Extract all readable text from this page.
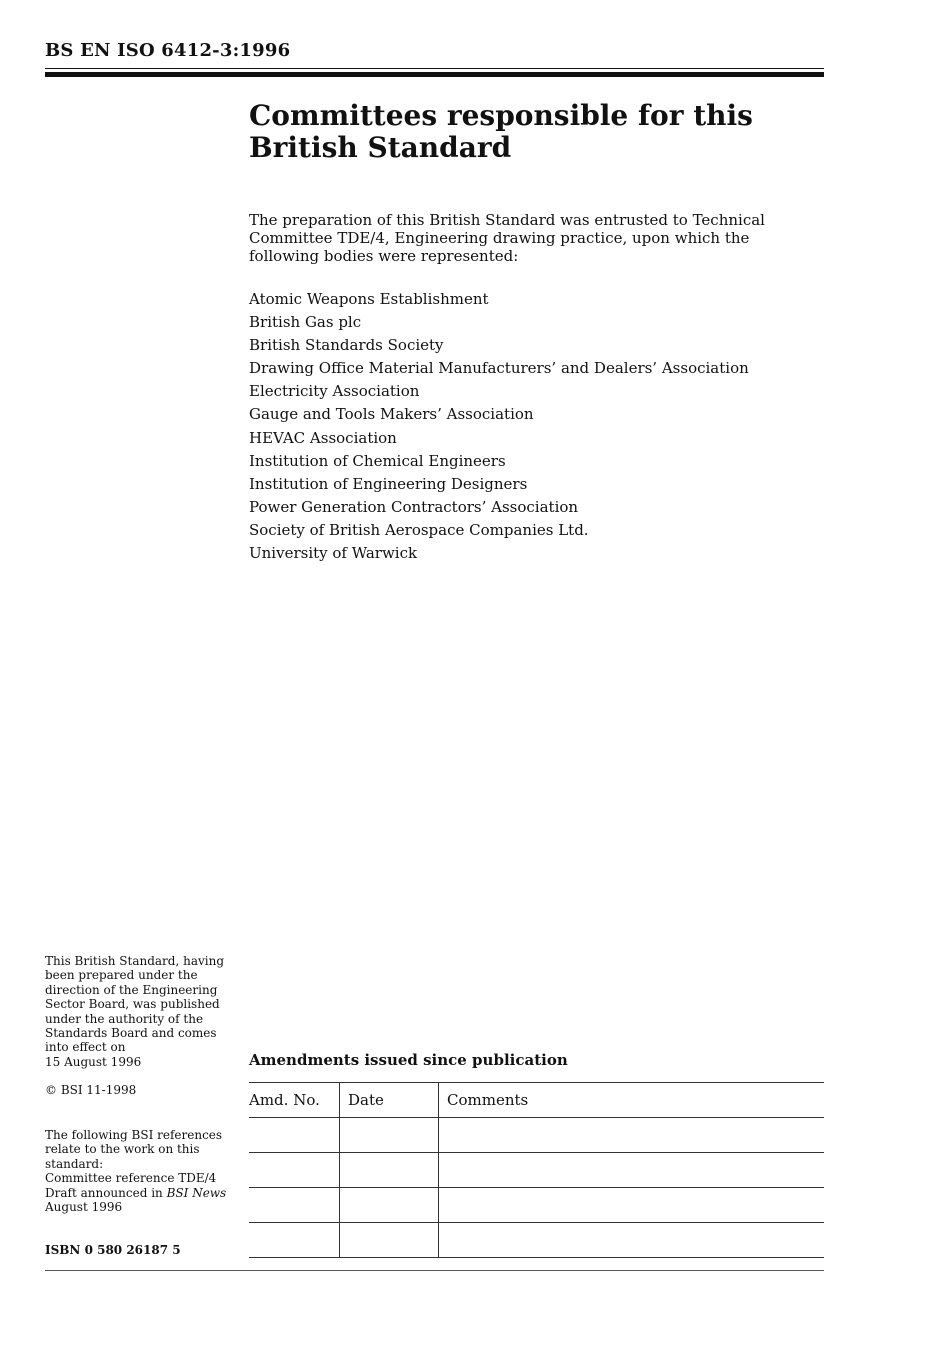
BS EN ISO 6412-3:1996
Committees responsible for this British Standard

The preparation of this British Standard was entrusted to Technical Committee TDE/4, Engineering drawing practice, upon which the following bodies were represented:

Atomic Weapons Establishment
British Gas plc
British Standards Society
Drawing Office Material Manufacturers’ and Dealers’ Association
Electricity Association
Gauge and Tools Makers’ Association
HEVAC Association
Institution of Chemical Engineers
Institution of Engineering Designers
Power Generation Contractors’ Association
Society of British Aerospace Companies Ltd.
University of Warwick
This British Standard, having been prepared under the direction of the Engineering Sector Board, was published under the authority of the Standards Board and comes into effect on
15 August 1996
© BSI 11-1998
The following BSI references relate to the work on this standard:
Committee reference TDE/4
Draft announced in BSI News
August 1996
ISBN 0 580 26187 5
Amendments issued since publication
Amd. No.	Date	Comments
